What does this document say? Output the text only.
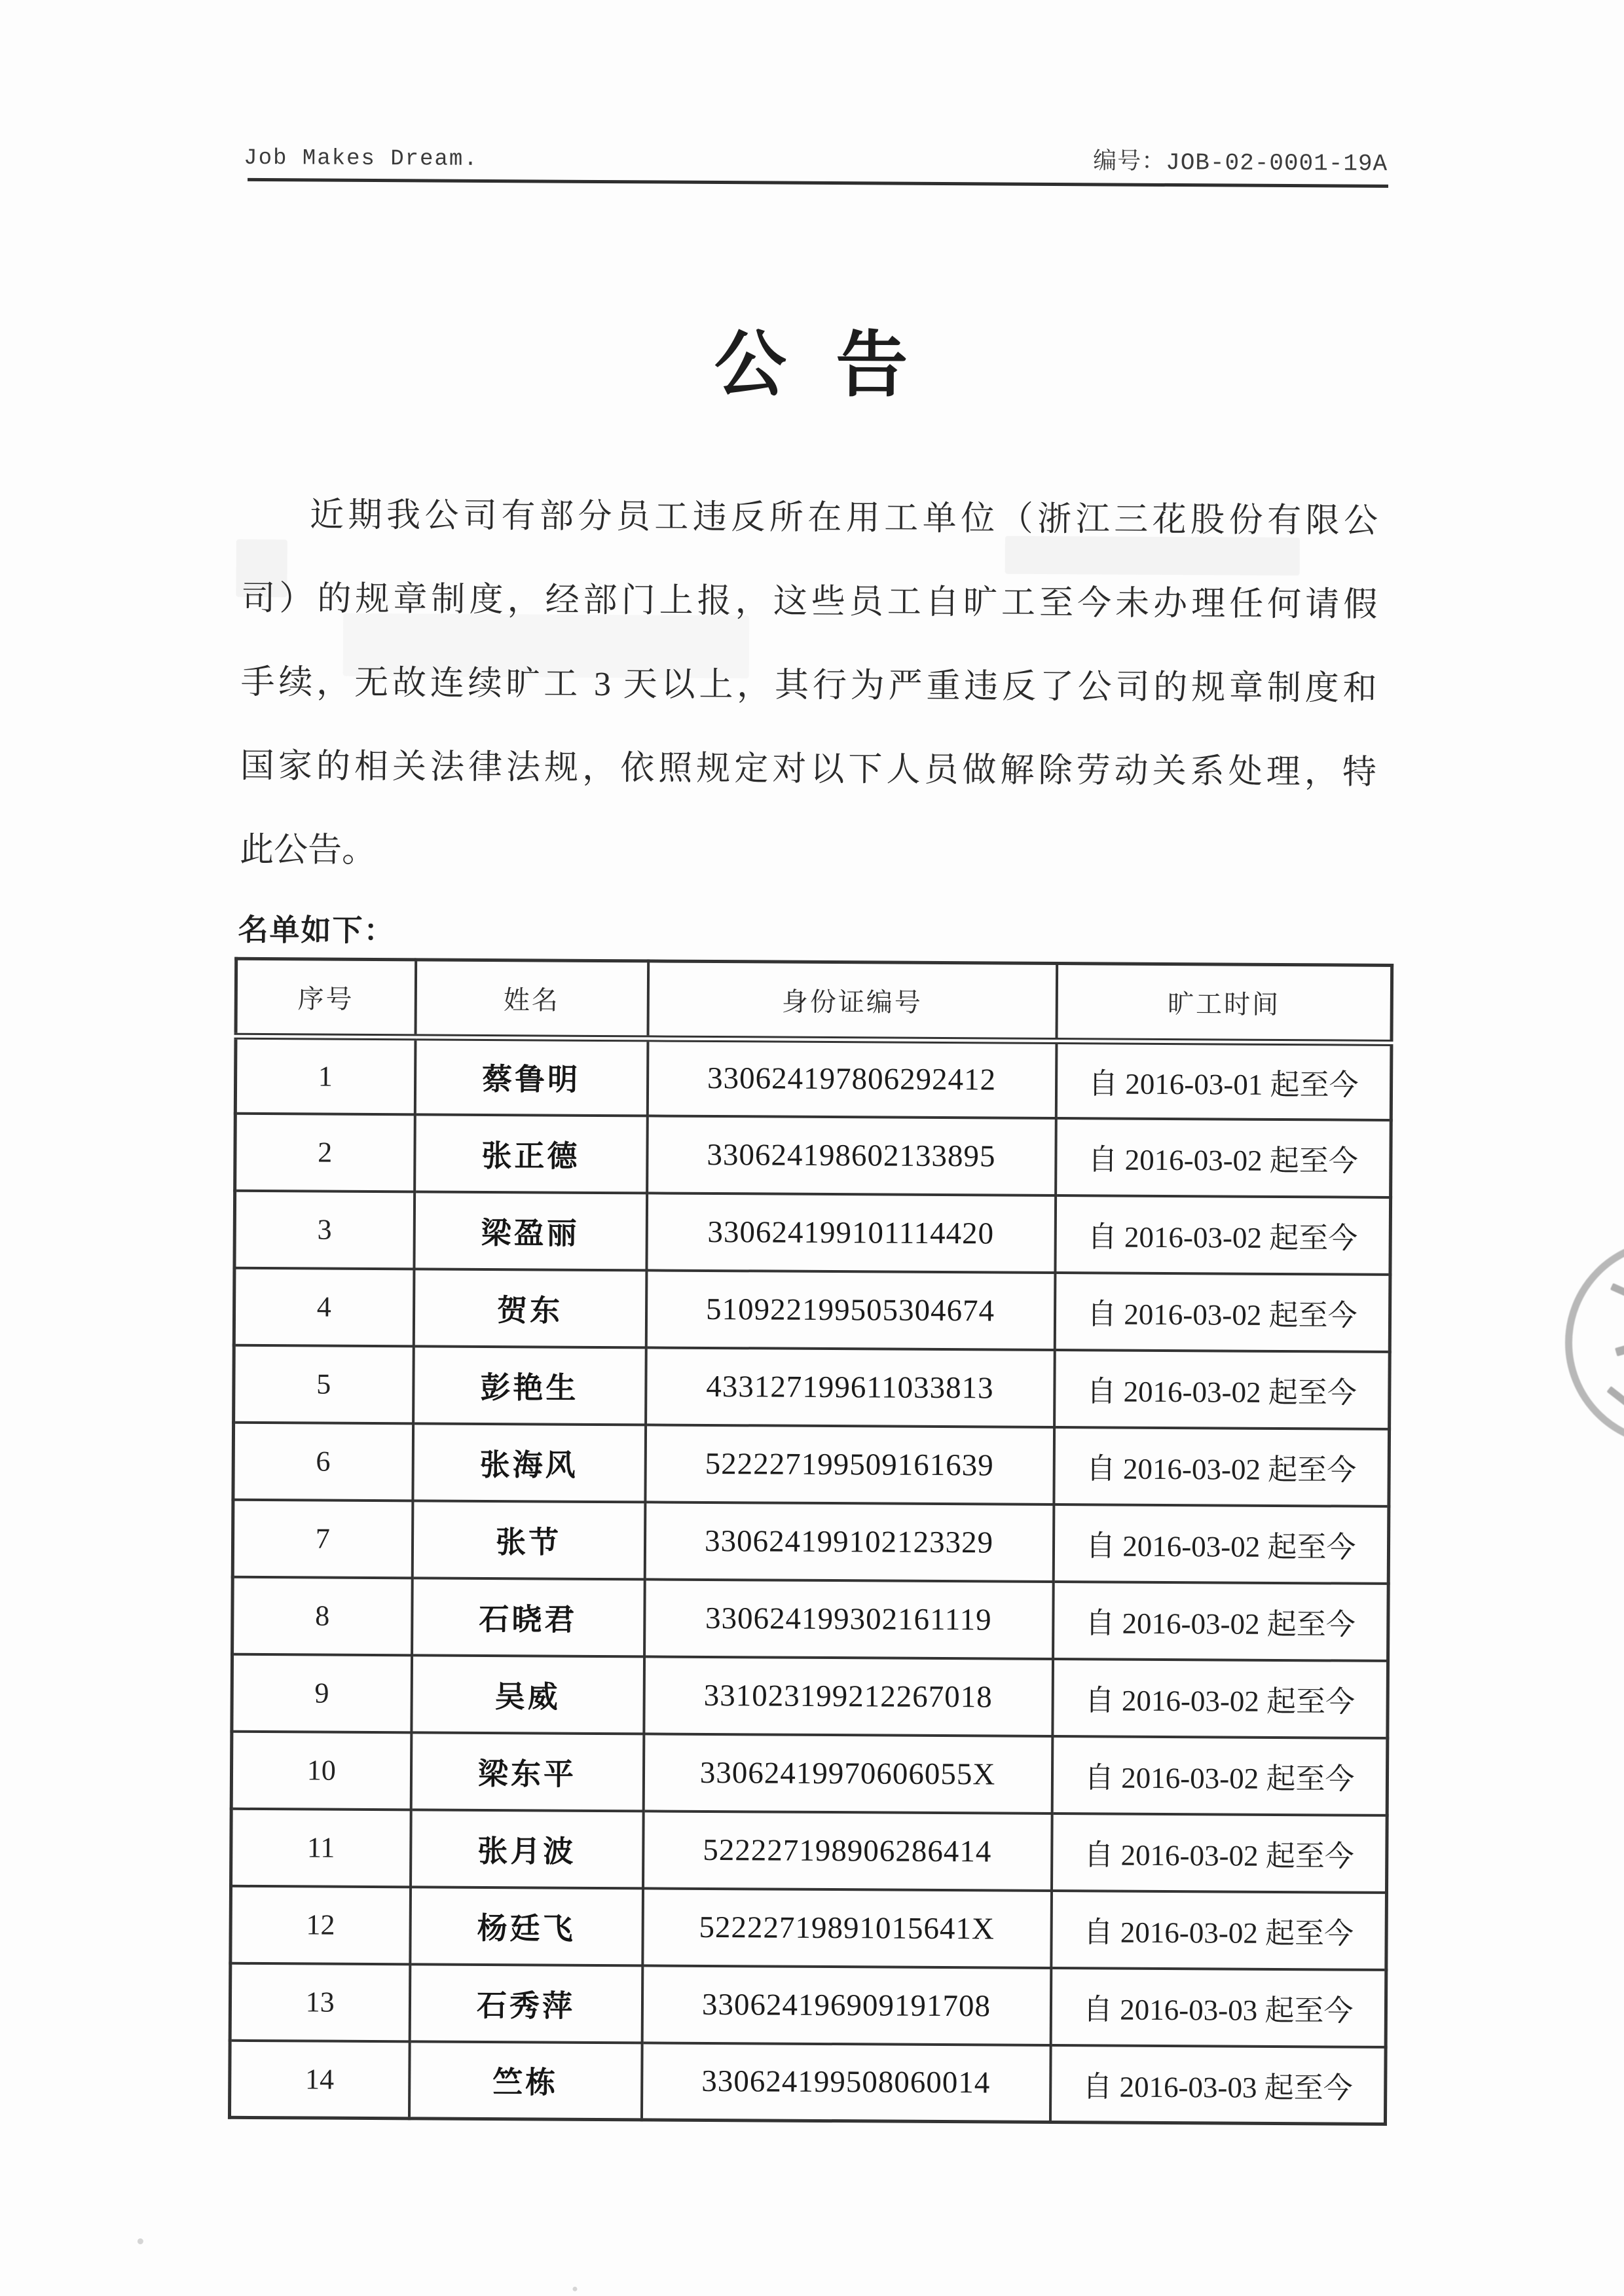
Job Makes Dream.	编号：JOB-02-0001-19A
公 告
近期我公司有部分员工违反所在用工单位（浙江三花股份有限公
司）的规章制度，经部门上报，这些员工自旷工至今未办理任何请假
手续，无故连续旷工 3 天以上，其行为严重违反了公司的规章制度和
国家的相关法律法规，依照规定对以下人员做解除劳动关系处理，特
此公告。
名单如下：
序号	姓名	身份证编号	旷工时间
1	蔡鲁明	330624197806292412	自 2016-03-01 起至今
2	张正德	330624198602133895	自 2016-03-02 起至今
3	梁盈丽	330624199101114420	自 2016-03-02 起至今
4	贺东	510922199505304674	自 2016-03-02 起至今
5	彭艳生	433127199611033813	自 2016-03-02 起至今
6	张海风	522227199509161639	自 2016-03-02 起至今
7	张节	330624199102123329	自 2016-03-02 起至今
8	石晓君	330624199302161119	自 2016-03-02 起至今
9	吴威	331023199212267018	自 2016-03-02 起至今
10	梁东平	33062419970606055X	自 2016-03-02 起至今
11	张月波	522227198906286414	自 2016-03-02 起至今
12	杨廷飞	52222719891015641X	自 2016-03-02 起至今
13	石秀萍	330624196909191708	自 2016-03-03 起至今
14	竺栋	330624199508060014	自 2016-03-03 起至今
